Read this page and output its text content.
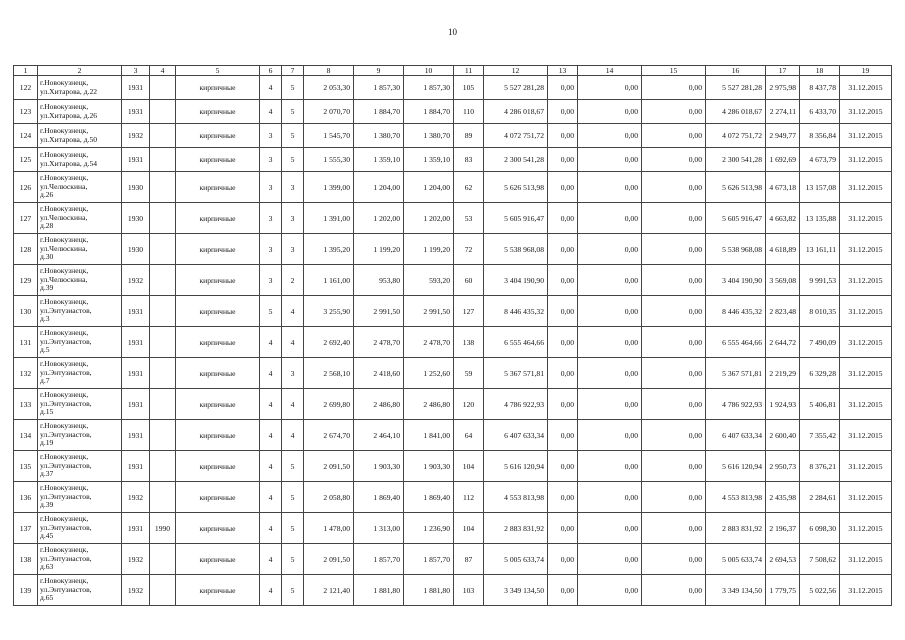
10
1	2	3	4	5	6	7	8	9	10	11	12	13	14	15	16	17	18	19
122	г.Новокузнецк,
ул.Хитарова, д.22	1931		кирпичные	4	5	2 053,30	1 857,30	1 857,30	105	5 527 281,28	0,00	0,00	0,00	5 527 281,28	2 975,98	8 437,78	31.12.2015
123	г.Новокузнецк,
ул.Хитарова, д.26	1931		кирпичные	4	5	2 070,70	1 884,70	1 884,70	110	4 286 018,67	0,00	0,00	0,00	4 286 018,67	2 274,11	6 433,70	31.12.2015
124	г.Новокузнецк,
ул.Хитарова, д.50	1932		кирпичные	3	5	1 545,70	1 380,70	1 380,70	89	4 072 751,72	0,00	0,00	0,00	4 072 751,72	2 949,77	8 356,84	31.12.2015
125	г.Новокузнецк,
ул.Хитарова, д.54	1931		кирпичные	3	5	1 555,30	1 359,10	1 359,10	83	2 300 541,28	0,00	0,00	0,00	2 300 541,28	1 692,69	4 673,79	31.12.2015
126	г.Новокузнецк,
ул.Челюскина,
д.26	1930		кирпичные	3	3	1 399,00	1 204,00	1 204,00	62	5 626 513,98	0,00	0,00	0,00	5 626 513,98	4 673,18	13 157,08	31.12.2015
127	г.Новокузнецк,
ул.Челюскина,
д.28	1930		кирпичные	3	3	1 391,00	1 202,00	1 202,00	53	5 605 916,47	0,00	0,00	0,00	5 605 916,47	4 663,82	13 135,88	31.12.2015
128	г.Новокузнецк,
ул.Челюскина,
д.30	1930		кирпичные	3	3	1 395,20	1 199,20	1 199,20	72	5 538 968,08	0,00	0,00	0,00	5 538 968,08	4 618,89	13 161,11	31.12.2015
129	г.Новокузнецк,
ул.Челюскина,
д.39	1932		кирпичные	3	2	1 161,00	953,80	593,20	60	3 404 190,90	0,00	0,00	0,00	3 404 190,90	3 569,08	9 991,53	31.12.2015
130	г.Новокузнецк,
ул.Энтузиастов,
д.3	1931		кирпичные	5	4	3 255,90	2 991,50	2 991,50	127	8 446 435,32	0,00	0,00	0,00	8 446 435,32	2 823,48	8 010,35	31.12.2015
131	г.Новокузнецк,
ул.Энтузиастов,
д.5	1931		кирпичные	4	4	2 692,40	2 478,70	2 478,70	138	6 555 464,66	0,00	0,00	0,00	6 555 464,66	2 644,72	7 490,09	31.12.2015
132	г.Новокузнецк,
ул.Энтузиастов,
д.7	1931		кирпичные	4	3	2 568,10	2 418,60	1 252,60	59	5 367 571,81	0,00	0,00	0,00	5 367 571,81	2 219,29	6 329,28	31.12.2015
133	г.Новокузнецк,
ул.Энтузиастов,
д.15	1931		кирпичные	4	4	2 699,80	2 486,80	2 486,80	120	4 786 922,93	0,00	0,00	0,00	4 786 922,93	1 924,93	5 406,81	31.12.2015
134	г.Новокузнецк,
ул.Энтузиастов,
д.19	1931		кирпичные	4	4	2 674,70	2 464,10	1 841,00	64	6 407 633,34	0,00	0,00	0,00	6 407 633,34	2 600,40	7 355,42	31.12.2015
135	г.Новокузнецк,
ул.Энтузиастов,
д.37	1931		кирпичные	4	5	2 091,50	1 903,30	1 903,30	104	5 616 120,94	0,00	0,00	0,00	5 616 120,94	2 950,73	8 376,21	31.12.2015
136	г.Новокузнецк,
ул.Энтузиастов,
д.39	1932		кирпичные	4	5	2 058,80	1 869,40	1 869,40	112	4 553 813,98	0,00	0,00	0,00	4 553 813,98	2 435,98	2 284,61	31.12.2015
137	г.Новокузнецк,
ул.Энтузиастов,
д.45	1931	1990	кирпичные	4	5	1 478,00	1 313,00	1 236,90	104	2 883 831,92	0,00	0,00	0,00	2 883 831,92	2 196,37	6 098,30	31.12.2015
138	г.Новокузнецк,
ул.Энтузиастов,
д.63	1932		кирпичные	4	5	2 091,50	1 857,70	1 857,70	87	5 005 633,74	0,00	0,00	0,00	5 005 633,74	2 694,53	7 508,62	31.12.2015
139	г.Новокузнецк,
ул.Энтузиастов,
д.65	1932		кирпичные	4	5	2 121,40	1 881,80	1 881,80	103	3 349 134,50	0,00	0,00	0,00	3 349 134,50	1 779,75	5 022,56	31.12.2015
